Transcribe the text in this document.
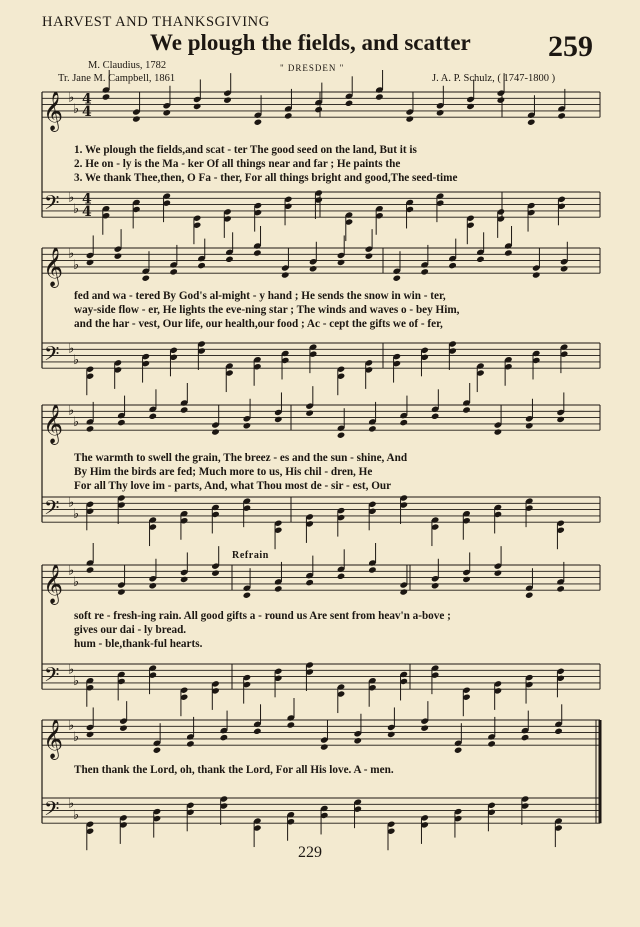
HARVEST AND THANKSGIVING
We plough the fields, and scatter	259
M. Claudius, 1782
Tr. Jane M. Campbell, 1861
" DRESDEN "
J. A. P. Schulz, ( 1747-1800 )
𝄞 ♭
♭
4
4
𝄢 ♭
♭
4
4
𝄞 ♭
♭
𝄢 ♭
♭
𝄞 ♭
♭
𝄢 ♭
♭
𝄞 ♭
♭
𝄢 ♭
♭
𝄞 ♭
♭
𝄢 ♭
♭
Refrain
1. We plough the fields,and scat - ter The good seed on the land, But it is
2. He on - ly is the Ma - ker Of all things near and far ; He paints the
3. We thank Thee,then, O Fa - ther, For all things bright and good,The seed-time
fed and wa - tered By God's al-might - y hand ; He sends the snow in win - ter,
way-side flow - er, He lights the eve-ning star ; The winds and waves o - bey Him,
and the har - vest, Our life, our health,our food ; Ac - cept the gifts we of - fer,
The warmth to swell the grain, The breez - es and the sun - shine, And
By Him the birds are fed; Much more to us, His chil - dren, He
For all Thy love im - parts, And, what Thou most de - sir - est, Our
soft re - fresh-ing rain. All good gifts a - round us Are sent from heav'n a-bove ;
gives our dai - ly bread.
hum - ble,thank-ful hearts.
Then thank the Lord, oh, thank the Lord, For all His love. A - men.
229
